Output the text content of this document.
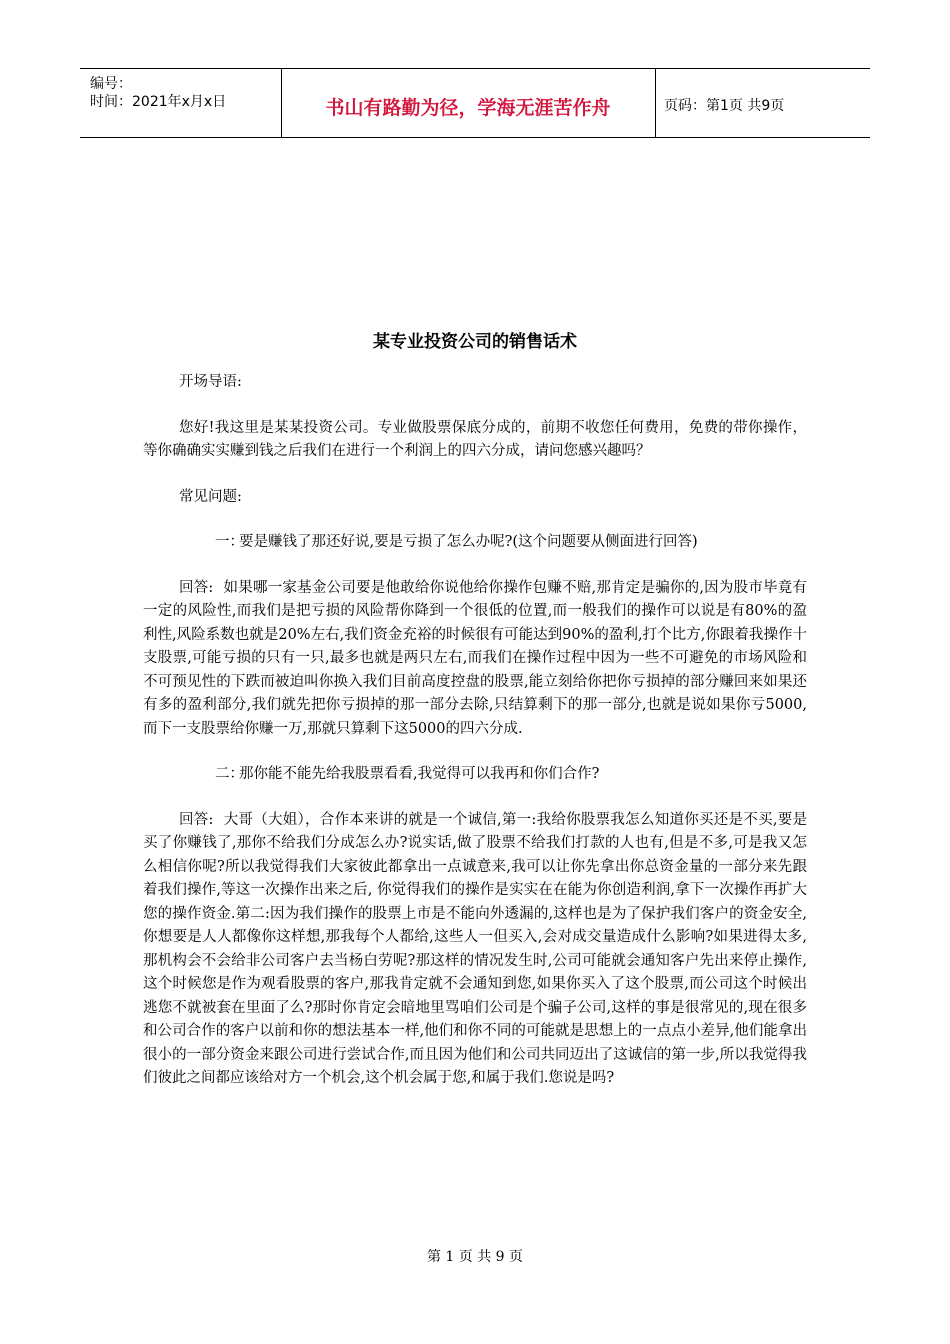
编号：
时间：2021年x月x日	书山有路勤为径，学海无涯苦作舟	页码：第1页 共9页
某专业投资公司的销售话术

开场导语:

您好!我这里是某某投资公司。专业做股票保底分成的，前期不收您任何费用，免费的带你操作，等你确确实实赚到钱之后我们在进行一个利润上的四六分成，请问您感兴趣吗？

常见问题:

一：要是赚钱了那还好说,要是亏损了怎么办呢?(这个问题要从侧面进行回答)

回答: 如果哪一家基金公司要是他敢给你说他给你操作包赚不赔,那肯定是骗你的,因为股市毕竟有一定的风险性,而我们是把亏损的风险帮你降到一个很低的位置,而一般我们的操作可以说是有80%的盈利性,风险系数也就是20%左右,我们资金充裕的时候很有可能达到90%的盈利,打个比方,你跟着我操作十支股票,可能亏损的只有一只,最多也就是两只左右,而我们在操作过程中因为一些不可避免的市场风险和不可预见性的下跌而被迫叫你换入我们目前高度控盘的股票,能立刻给你把你亏损掉的部分赚回来如果还有多的盈利部分,我们就先把你亏损掉的那一部分去除,只结算剩下的那一部分,也就是说如果你亏5000,而下一支股票给你赚一万,那就只算剩下这5000的四六分成.

二：那你能不能先给我股票看看,我觉得可以我再和你们合作?

回答: 大哥（大姐），合作本来讲的就是一个诚信,第一:我给你股票我怎么知道你买还是不买,要是买了你赚钱了,那你不给我们分成怎么办?说实话,做了股票不给我们打款的人也有,但是不多,可是我又怎么相信你呢?所以我觉得我们大家彼此都拿出一点诚意来,我可以让你先拿出你总资金量的一部分来先跟着我们操作,等这一次操作出来之后, 你觉得我们的操作是实实在在能为你创造利润,拿下一次操作再扩大您的操作资金.第二:因为我们操作的股票上市是不能向外透漏的,这样也是为了保护我们客户的资金安全,你想要是人人都像你这样想,那我每个人都给,这些人一但买入,会对成交量造成什么影响?如果进得太多,那机构会不会给非公司客户去当杨白劳呢?那这样的情况发生时,公司可能就会通知客户先出来停止操作,这个时候您是作为观看股票的客户,那我肯定就不会通知到您,如果你买入了这个股票,而公司这个时候出逃您不就被套在里面了么?那时你肯定会暗地里骂咱们公司是个骗子公司,这样的事是很常见的,现在很多和公司合作的客户以前和你的想法基本一样,他们和你不同的可能就是思想上的一点点小差异,他们能拿出很小的一部分资金来跟公司进行尝试合作,而且因为他们和公司共同迈出了这诚信的第一步,所以我觉得我们彼此之间都应该给对方一个机会,这个机会属于您,和属于我们.您说是吗?

第 1 页 共 9 页
